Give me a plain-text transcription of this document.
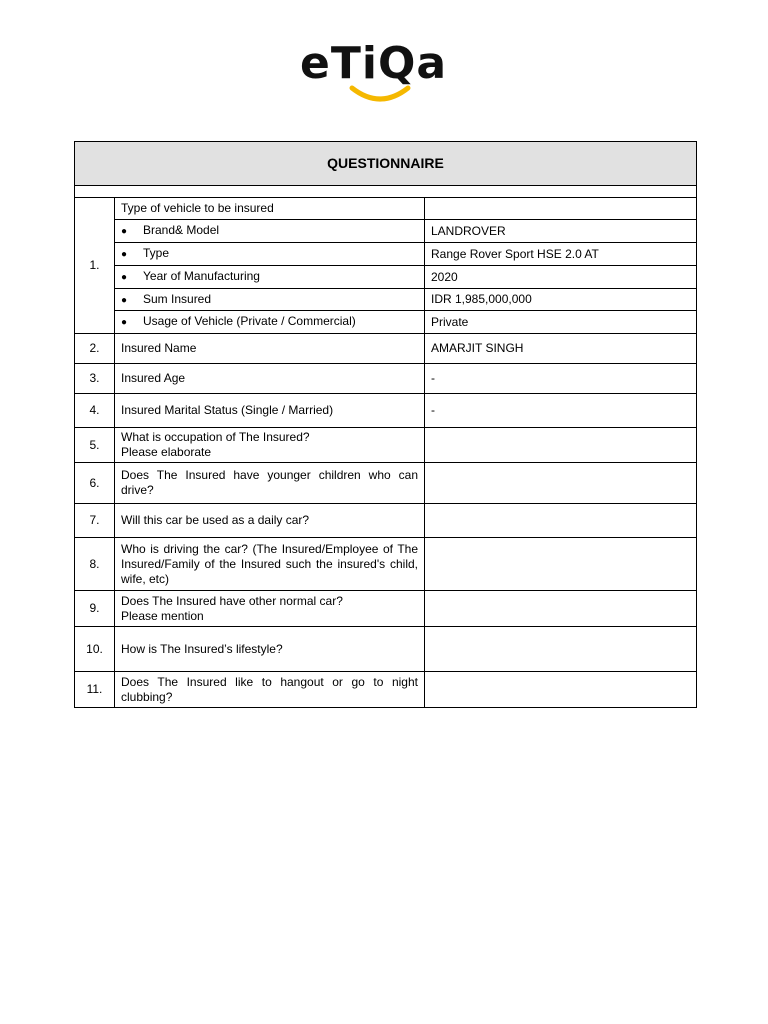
eTiQa
QUESTIONNAIRE		

1.	Type of vehicle to be insured	
	● Brand& Model	LANDROVER
	● Type	Range Rover Sport HSE 2.0 AT
	● Year of Manufacturing	2020
	● Sum Insured	IDR 1,985,000,000
	● Usage of Vehicle (Private / Commercial)	Private
2.	Insured Name	AMARJIT SINGH
3.	Insured Age	-
4.	Insured Marital Status (Single / Married)	-
5.	What is occupation of The Insured?
Please elaborate	

6.	Does The Insured have younger children who can drive?	
7.	Will this car be used as a daily car?	
8.	Who is driving the car? (The Insured/Employee of The Insured/Family of the Insured such the insured's child, wife, etc)	
9.	Does The Insured have other normal car?
Please mention	

10.	How is The Insured’s lifestyle?	
11.	Does The Insured like to hangout or go to night clubbing?	
